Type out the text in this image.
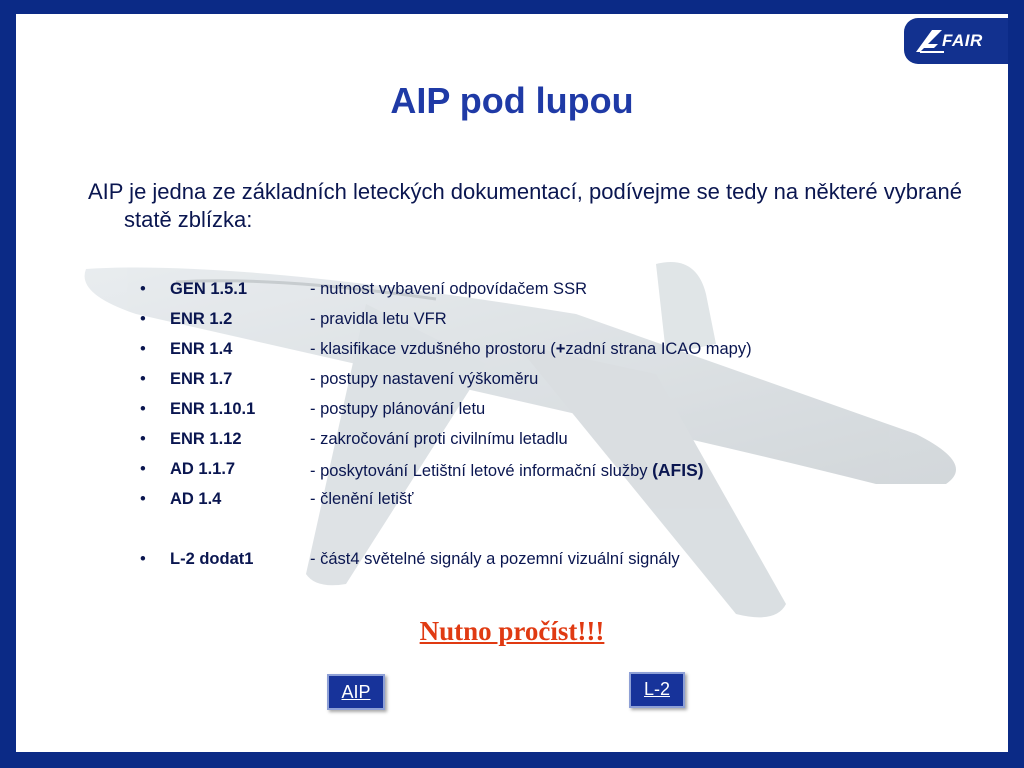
AIP pod lupou
AIP je jedna ze základních leteckých dokumentací, podívejme se tedy na některé vybrané statě zblízka:
FAIR
• GEN 1.5.1	- nutnost vybavení odpovídačem SSR
• ENR 1.2	- pravidla letu VFR
• ENR 1.4	- klasifikace vzdušného prostoru (+zadní strana ICAO mapy)
• ENR 1.7	- postupy nastavení výškoměru
• ENR 1.10.1	- postupy plánování letu
• ENR 1.12	- zakročování proti civilnímu letadlu
• AD 1.1.7	- poskytování Letištní letové informační služby (AFIS)
• AD 1.4	- členění letišť
• L-2 dodat1	- část4 světelné signály a pozemní vizuální signály
Nutno pročíst!!!
AIP	L-2
